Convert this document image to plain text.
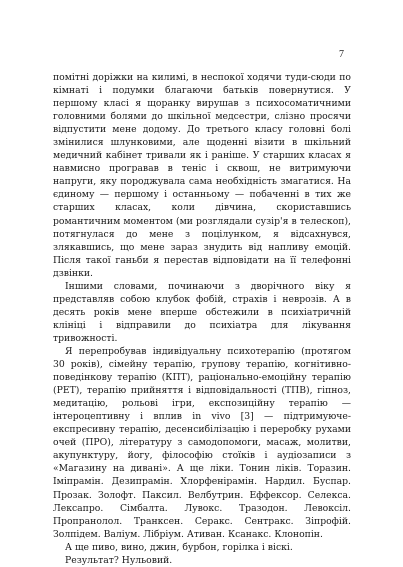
7

помітні доріжки на килимі, в неспокої ходячи туди-сюди по кімнаті і подумки благаючи батьків повернутися. У першому класі я щоранку вирушав з психосоматичними головними болями до шкільної медсестри, слізно просячи відпустити мене додому. До третього класу головні болі змінилися шлунковими, але щоденні візити в шкільний медичний кабінет тривали як і раніше. У старших класах я навмисно програвав в теніс і сквош, не витримуючи напруги, яку породжувала сама необхідність змагатися. На єдиному — першому і останньому — побаченні в тих же старших класах, коли дівчина, скориставшись романтичним моментом (ми розглядали сузір'я в телескоп), потягнулася до мене з поцілунком, я відсахнувся, злякавшись, що мене зараз знудить від напливу емоцій. Після такої ганьби я перестав відповідати на її телефонні дзвінки.

Іншими словами, починаючи з дворічного віку я представляв собою клубок фобій, страхів і неврозів. А в десять років мене вперше обстежили в психіатричній клініці і відправили до психіатра для лікування тривожності.

Я перепробував індивідуальну психотерапію (протягом 30 років), сімейну терапію, групову терапію, когнітивно-поведінкову терапію (КПТ), раціонально-емоційну терапію (РЕТ), терапію прийняття і відповідальності (ТПВ), гіпноз, медитацію, рольові ігри, експозиційну терапію — інтероцептивну і вплив in vivo [3] — підтримуюче-експресивну терапію, десенсибілізацію і переробку рухами очей (ПРО), літературу з самодопомоги, масаж, молитви, акупунктуру, йогу, філософію стоїків і аудіозаписи з «Магазину на дивані». А ще ліки. Тонин ліків. Торазин. Іміпрамін. Дезипрамін. Хлорфенірамін. Нардил. Буспар. Прозак. Золофт. Паксил. Велбутрин. Еффексор. Селекса. Лексапро. Сімбалта. Лувокс. Тразодон. Левоксіл. Пропранолол. Транксен. Серакс. Сентракс. Зіпрофій. Золпідем. Валіум. Лібріум. Ативан. Ксанакс. Клонопін.

А ще пиво, вино, джин, бурбон, горілка і віскі.

Результат? Нульовий.
